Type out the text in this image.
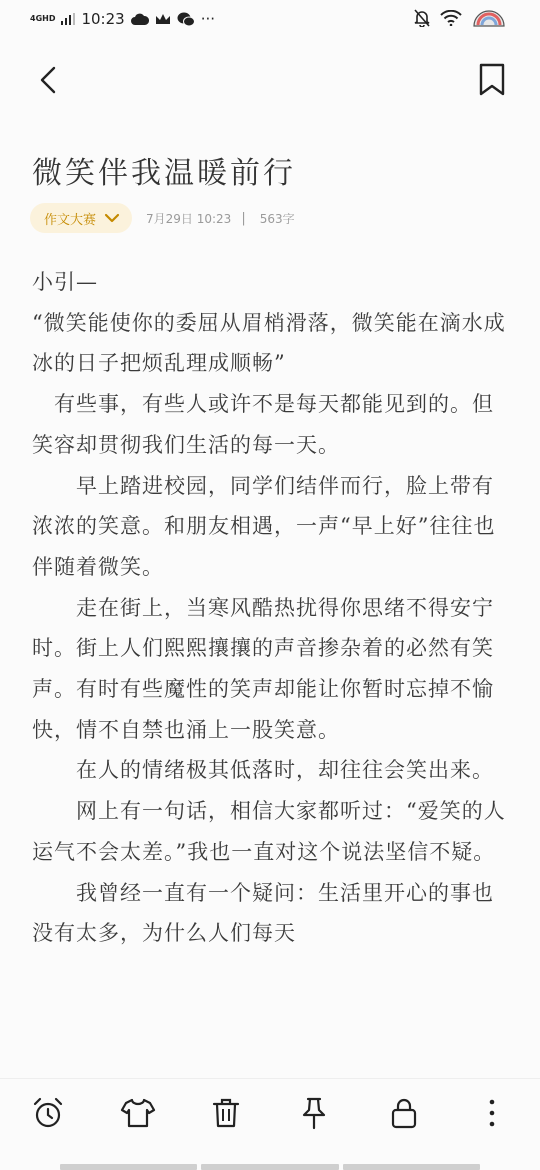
4GHD 10:23	···
微笑伴我温暖前行
作文大赛	7月29日 10:23 | 563字

小引—

“微笑能使你的委屈从眉梢滑落，微笑能在滴水成冰的日子把烦乱理成顺畅”

　有些事，有些人或许不是每天都能见到的。但笑容却贯彻我们生活的每一天。

　　早上踏进校园，同学们结伴而行，脸上带有浓浓的笑意。和朋友相遇，一声“早上好”往往也伴随着微笑。

　　走在街上，当寒风酷热扰得你思绪不得安宁时。街上人们熙熙攘攘的声音掺杂着的必然有笑声。有时有些魔性的笑声却能让你暂时忘掉不愉快，情不自禁也涌上一股笑意。

　　在人的情绪极其低落时，却往往会笑出来。

　　网上有一句话，相信大家都听过：“爱笑的人运气不会太差。”我也一直对这个说法坚信不疑。

　　我曾经一直有一个疑问：生活里开心的事也没有太多，为什么人们每天
